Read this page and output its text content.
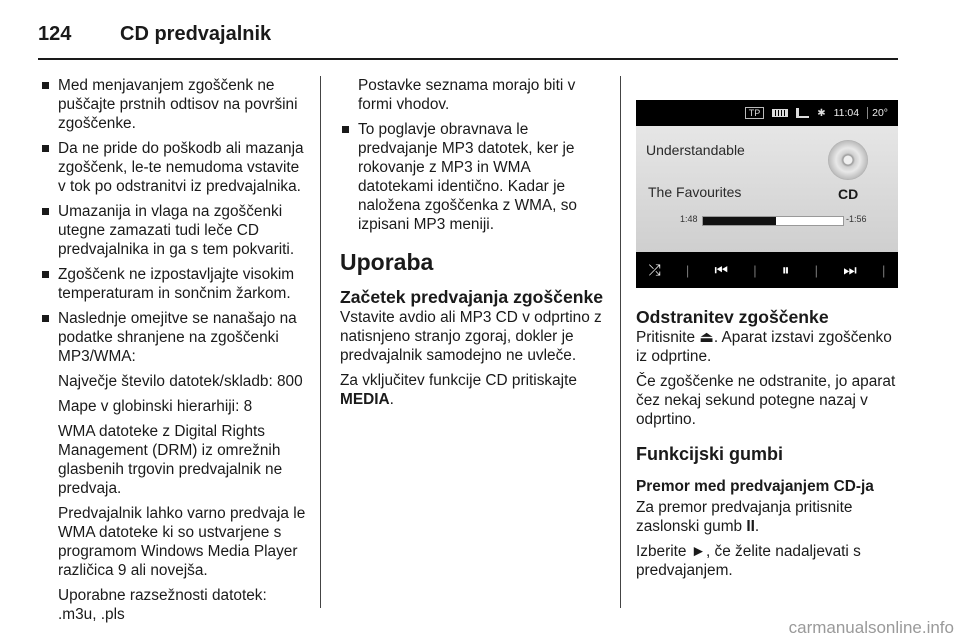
124	CD predvajalnik
Med menjavanjem zgoščenk ne puščajte prstnih odtisov na površini zgoščenke.
Da ne pride do poškodb ali mazanja zgoščenk, le-te nemudoma vstavite v tok po odstranitvi iz predvajalnika.
Umazanija in vlaga na zgoščenki utegne zamazati tudi leče CD predvajalnika in ga s tem pokvariti.
Zgoščenk ne izpostavljajte visokim temperaturam in sončnim žarkom.
Naslednje omejitve se nanašajo na podatke shranjene na zgoščenki MP3/WMA:
Največje število datotek/skladb: 800
Mape v globinski hierarhiji: 8
WMA datoteke z Digital Rights Management (DRM) iz omrežnih glasbenih trgovin predvajalnik ne predvaja.
Predvajalnik lahko varno predvaja le WMA datoteke ki so ustvarjene s programom Windows Media Player različica 9 ali novejša.
Uporabne razsežnosti datotek: .m3u, .pls
Postavke seznama morajo biti v formi vhodov.
To poglavje obravnava le predvajanje MP3 datotek, ker je rokovanje z MP3 in WMA datotekami identično. Kadar je naložena zgoščenka z WMA, so izpisani MP3 meniji.
Uporaba
Začetek predvajanja zgoščenke

Vstavite avdio ali MP3 CD v odprtino z natisnjeno stranjo zgoraj, dokler je predvajalnik samodejno ne uvleče.

Za vključitev funkcije CD pritiskajte
MEDIA.

TP	✱ 11:04	20°
Understandable
The Favourites	CD
1:48	-1:56
⤮ | ⏮ | ⏸ | ⏭ |
Odstranitev zgoščenke

Pritisnite ⏏. Aparat izstavi zgoščenko iz odprtine.

Če zgoščenke ne odstranite, jo aparat čez nekaj sekund potegne nazaj v odprtino.

Funkcijski gumbi
Premor med predvajanjem CD-ja

Za premor predvajanja pritisnite zaslonski gumb II.

Izberite ►, če želite nadaljevati s predvajanjem.

carmanualsonline.info
